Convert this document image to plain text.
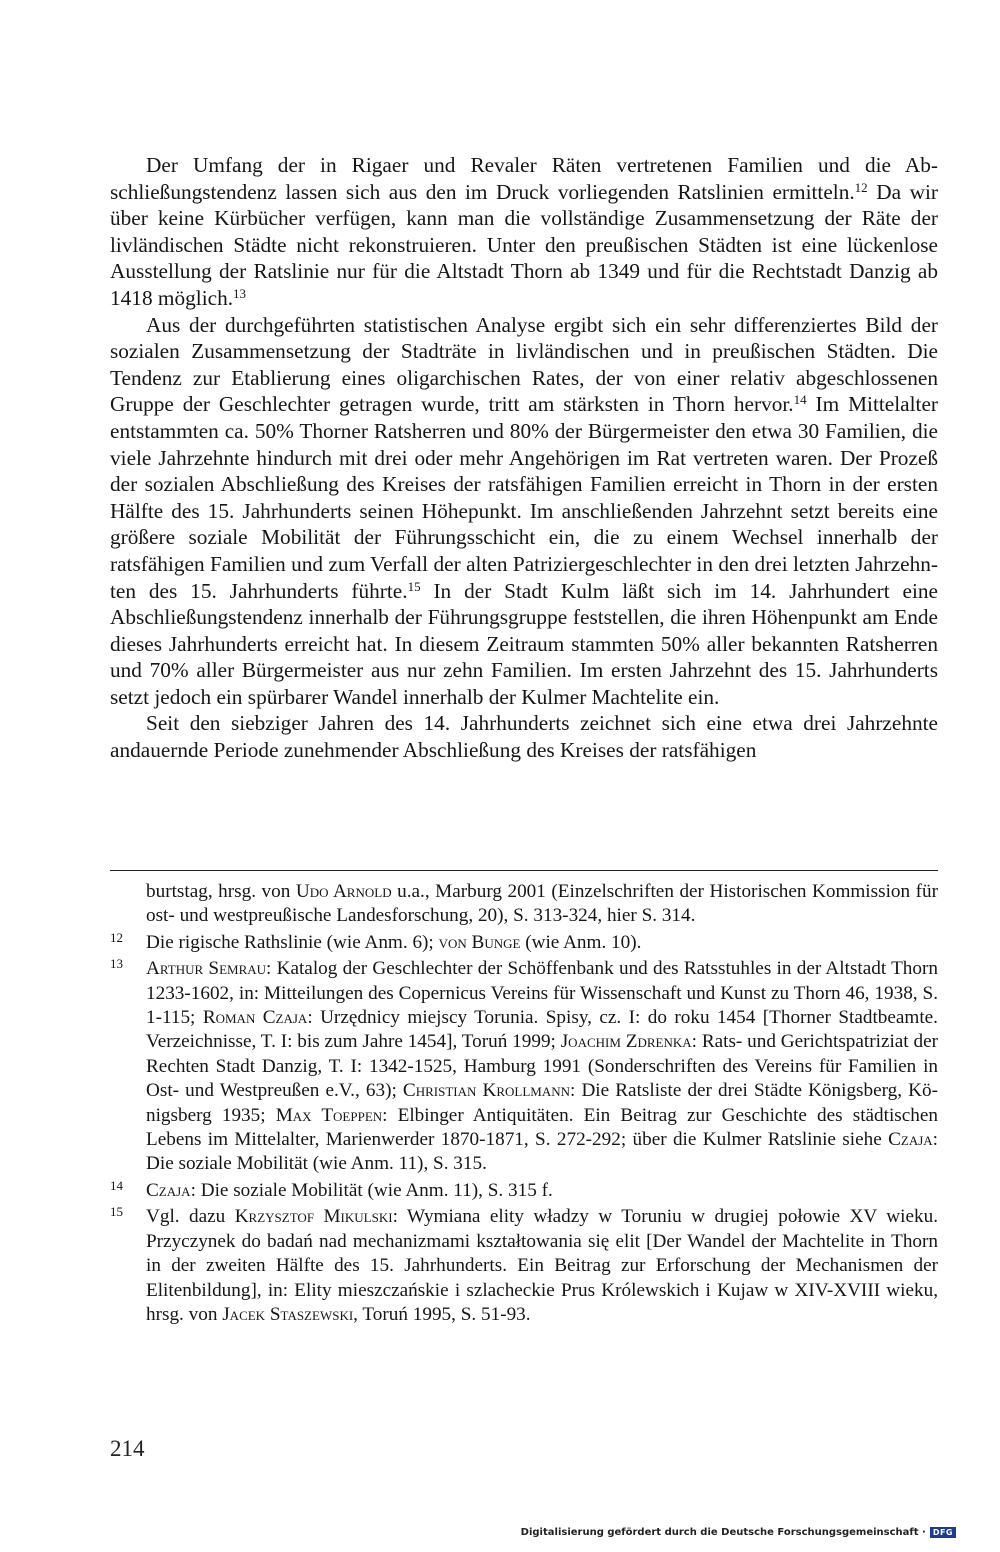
Der Umfang der in Rigaer und Revaler Räten vertretenen Familien und die Abschließungstendenz lassen sich aus den im Druck vorliegenden Ratslinien ermitteln.$^{12}$ Da wir über keine Kürbücher verfügen, kann man die vollständige Zusammensetzung der Räte der livländischen Städte nicht rekonstruieren. Unter den preußischen Städten ist eine lückenlose Ausstellung der Ratslinie nur für die Altstadt Thorn ab 1349 und für die Rechtstadt Danzig ab 1418 möglich.$^{13}$

Aus der durchgeführten statistischen Analyse ergibt sich ein sehr differenziertes Bild der sozialen Zusammensetzung der Stadträte in livländischen und in preußischen Städten. Die Tendenz zur Etablierung eines oligarchischen Rates, der von einer relativ abgeschlossenen Gruppe der Geschlechter getragen wurde, tritt am stärksten in Thorn hervor.$^{14}$ Im Mittelalter entstammten ca. 50% Thorner Ratsherren und 80% der Bürgermeister den etwa 30 Familien, die viele Jahrzehnte hindurch mit drei oder mehr Angehörigen im Rat vertreten waren. Der Prozeß der sozialen Abschließung des Kreises der ratsfähigen Familien erreicht in Thorn in der ersten Hälfte des 15. Jahrhunderts seinen Höhepunkt. Im anschließenden Jahrzehnt setzt bereits eine größere soziale Mobilität der Führungsschicht ein, die zu einem Wechsel innerhalb der ratsfähigen Familien und zum Verfall der alten Patriziergeschlechter in den drei letzten Jahrzehnten des 15. Jahrhunderts führte.$^{15}$ In der Stadt Kulm läßt sich im 14. Jahrhundert eine Abschließungstendenz innerhalb der Führungsgruppe feststellen, die ihren Höhenpunkt am Ende dieses Jahrhunderts erreicht hat. In diesem Zeitraum stammten 50% aller bekannten Ratsherren und 70% aller Bürgermeister aus nur zehn Familien. Im ersten Jahrzehnt des 15. Jahrhunderts setzt jedoch ein spürbarer Wandel innerhalb der Kulmer Machtelite ein.

Seit den siebziger Jahren des 14. Jahrhunderts zeichnet sich eine etwa drei Jahrzehnte andauernde Periode zunehmender Abschließung des Kreises der ratsfähigen

burtstag, hrsg. von Udo Arnold u.a., Marburg 2001 (Einzelschriften der Historischen Kommission für ost- und westpreußische Landesforschung, 20), S. 313-324, hier S. 314.
12 Die rigische Rathslinie (wie Anm. 6); von Bunge (wie Anm. 10).
13 Arthur Semrau: Katalog der Geschlechter der Schöffenbank und des Ratsstuhles in der Altstadt Thorn 1233-1602, in: Mitteilungen des Copernicus Vereins für Wissenschaft und Kunst zu Thorn 46, 1938, S. 1-115; Roman Czaja: Urzędnicy miejscy Torunia. Spisy, cz. I: do roku 1454 [Thorner Stadtbeamte. Verzeichnisse, T. I: bis zum Jahre 1454], Toruń 1999; Joachim Zdrenka: Rats- und Gerichtspatriziat der Rechten Stadt Danzig, T. I: 1342-1525, Hamburg 1991 (Sonderschriften des Vereins für Familien in Ost- und Westpreußen e.V., 63); Christian Krollmann: Die Ratsliste der drei Städte Königsberg, Königsberg 1935; Max Toeppen: Elbinger Antiquitäten. Ein Beitrag zur Geschichte des städtischen Lebens im Mittelalter, Marienwerder 1870-1871, S. 272-292; über die Kulmer Ratslinie siehe Czaja: Die soziale Mobilität (wie Anm. 11), S. 315.
14 Czaja: Die soziale Mobilität (wie Anm. 11), S. 315 f.
15 Vgl. dazu Krzysztof Mikulski: Wymiana elity władzy w Toruniu w drugiej połowie XV wieku. Przyczynek do badań nad mechanizmami kształtowania się elit [Der Wandel der Machtelite in Thorn in der zweiten Hälfte des 15. Jahrhunderts. Ein Beitrag zur Erforschung der Mechanismen der Elitenbildung], in: Elity mieszczańskie i szlacheckie Prus Królewskich i Kujaw w XIV-XVIII wieku, hrsg. von Jacek Staszewski, Toruń 1995, S. 51-93.
214
Digitalisierung gefördert durch die Deutsche Forschungsgemeinschaft · DFG
